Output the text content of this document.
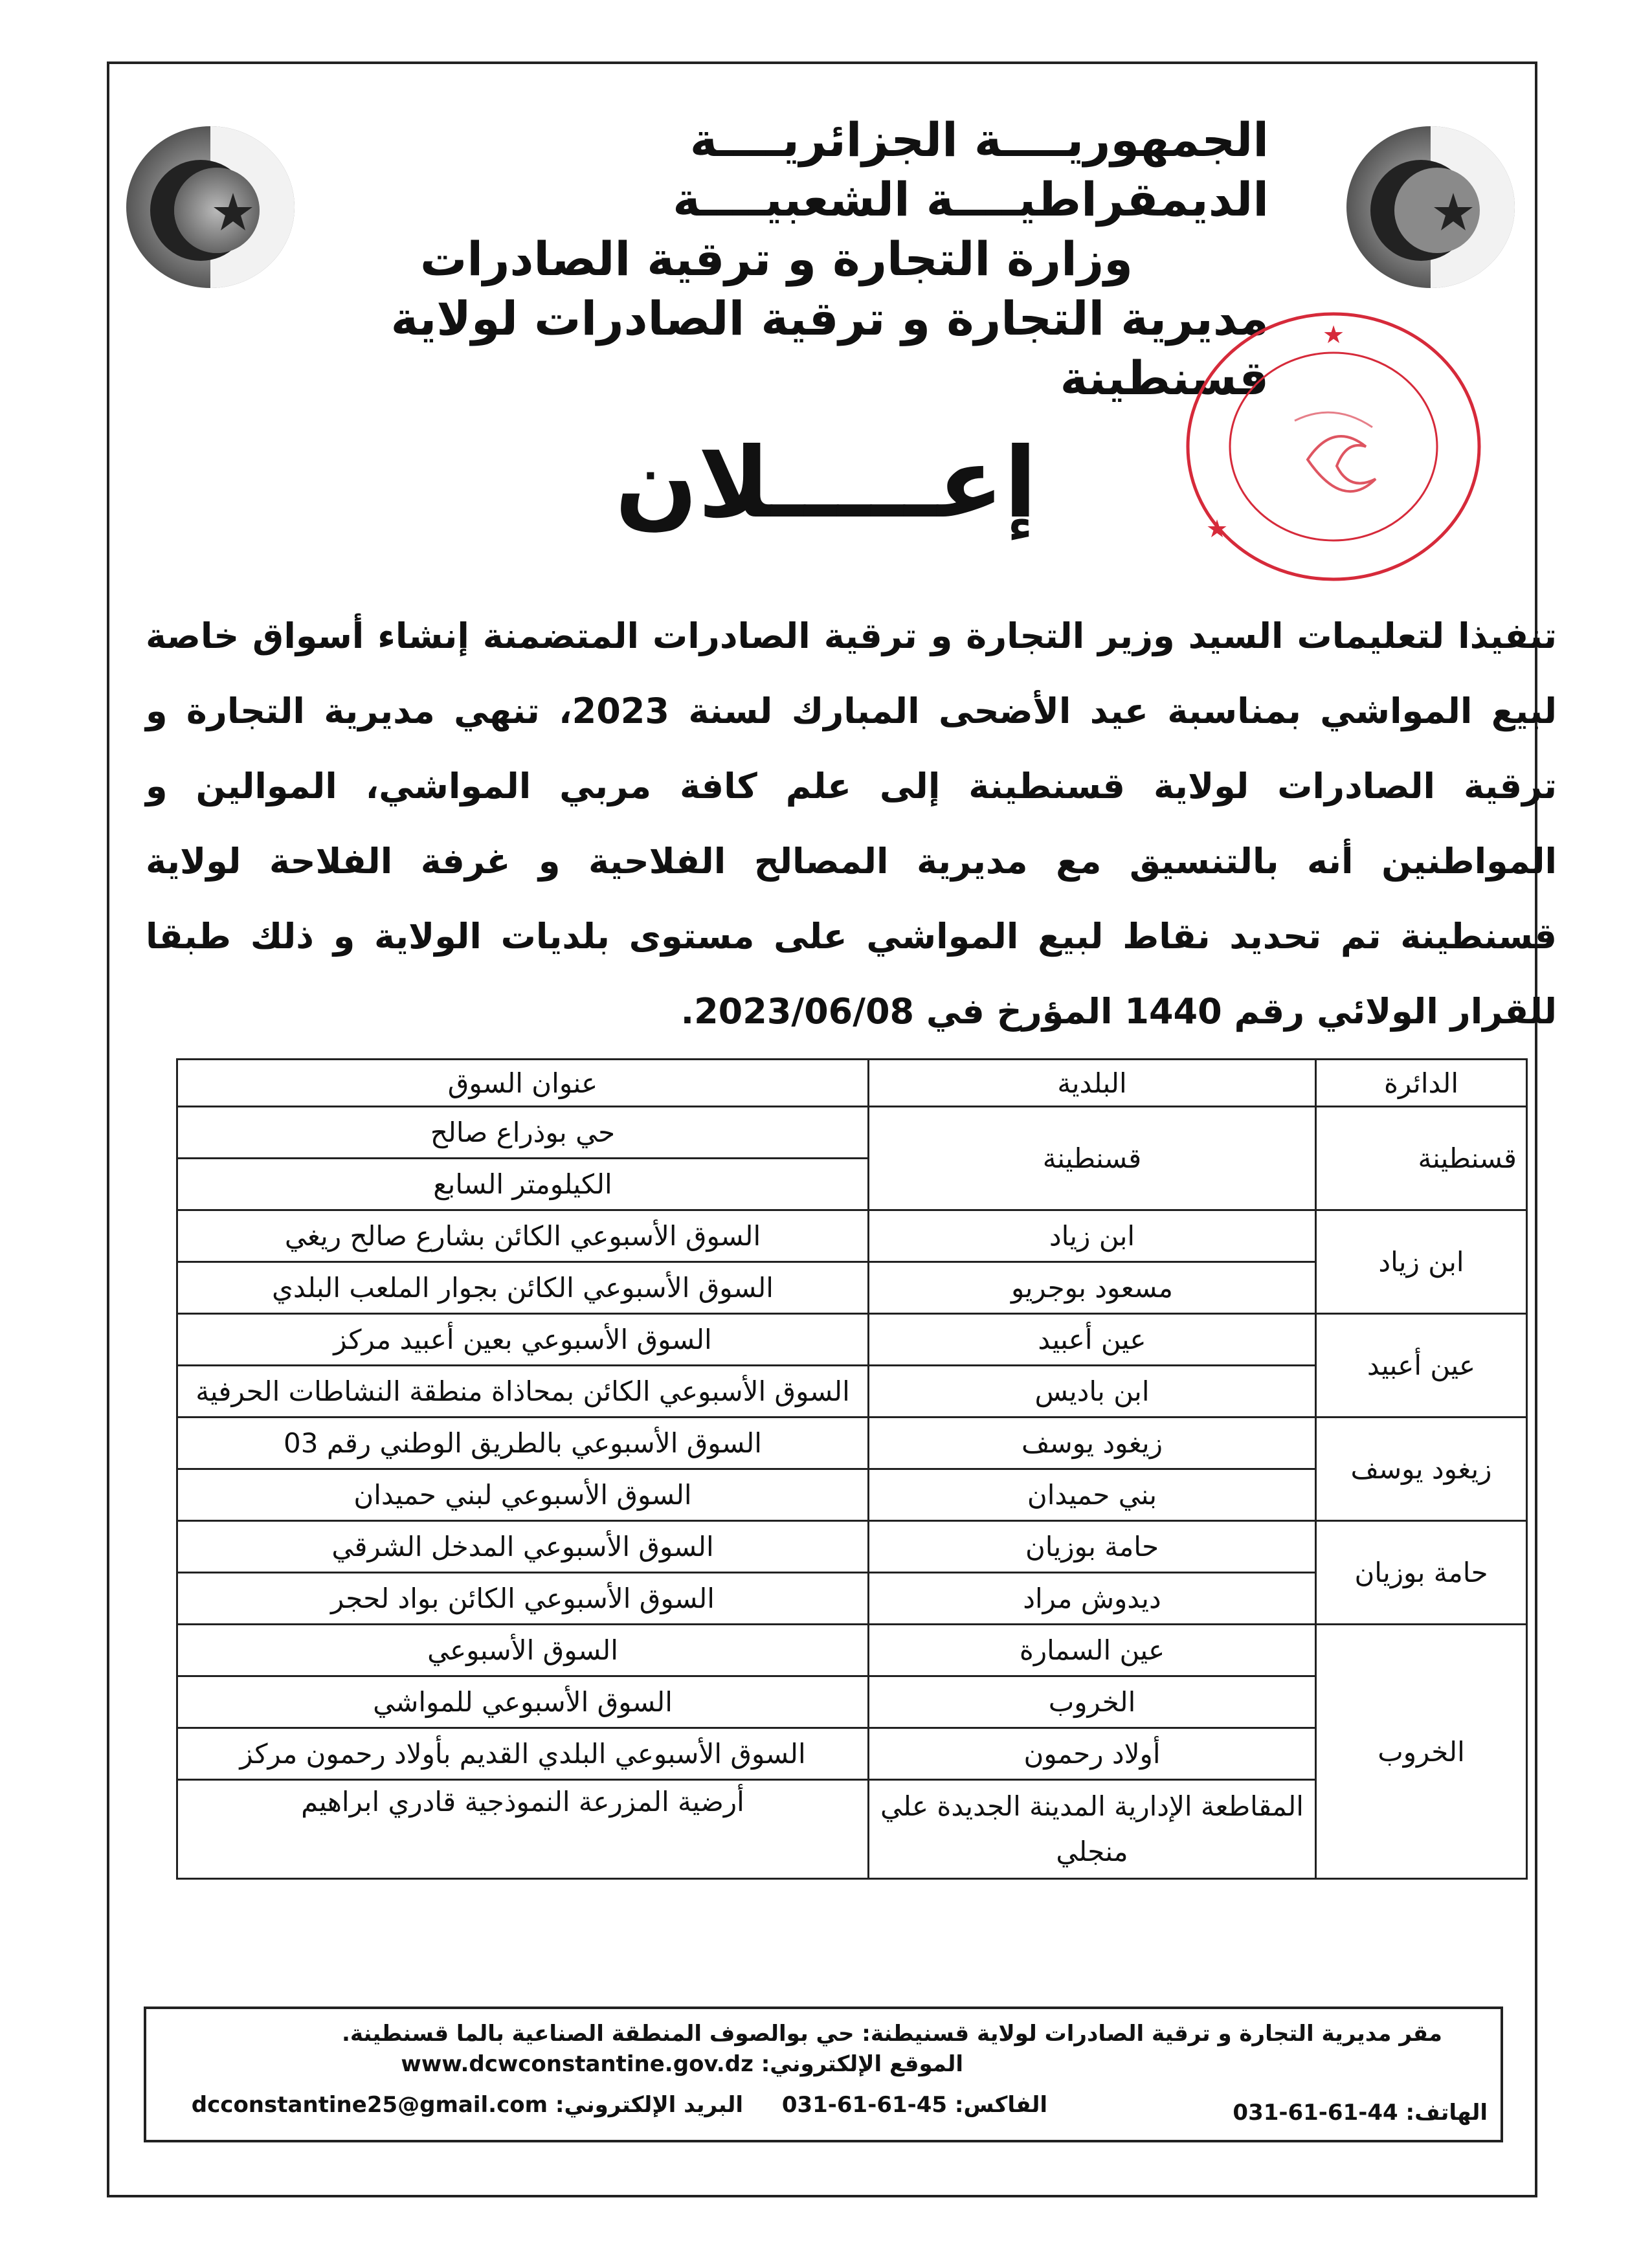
الجمهوريــــة الجزائريــــة الديمقراطيــــة الشعبيــــة
وزارة التجارة و ترقية الصادرات
مديرية التجارة و ترقية الصادرات لولاية قسنطينة
★
★
إعـــــلان
تنفيذا لتعليمات السيد وزير التجارة و ترقية الصادرات المتضمنة إنشاء أسواق خاصة لبيع المواشي بمناسبة عيد الأضحى المبارك لسنة 2023، تنهي مديرية التجارة و ترقية الصادرات لولاية قسنطينة إلى علم كافة مربي المواشي، الموالين و المواطنين أنه بالتنسيق مع مديرية المصالح الفلاحية و غرفة الفلاحة لولاية قسنطينة تم تحديد نقاط لبيع المواشي على مستوى بلديات الولاية و ذلك طبقا للقرار الولائي رقم 1440 المؤرخ في 2023/06/08.
الدائرة	البلدية	عنوان السوق
قسنطينة	قسنطينة	حي بوذراع صالح
		الكيلومتر السابع
ابن زياد	ابن زياد	السوق الأسبوعي الكائن بشارع صالح ريغي
	مسعود بوجريو	السوق الأسبوعي الكائن بجوار الملعب البلدي
عين أعبيد	عين أعبيد	السوق الأسبوعي بعين أعبيد مركز
	ابن باديس	السوق الأسبوعي الكائن بمحاذاة منطقة النشاطات الحرفية
زيغود يوسف	زيغود يوسف	السوق الأسبوعي بالطريق الوطني رقم 03
	بني حميدان	السوق الأسبوعي لبني حميدان
حامة بوزيان	حامة بوزيان	السوق الأسبوعي المدخل الشرقي
	ديدوش مراد	السوق الأسبوعي الكائن بواد لحجر
الخروب	عين السمارة	السوق الأسبوعي
	الخروب	السوق الأسبوعي للمواشي
	أولاد رحمون	السوق الأسبوعي البلدي القديم بأولاد رحمون مركز
	المقاطعة الإدارية المدينة الجديدة علي منجلي	أرضية المزرعة النموذجية قادري ابراهيم
مقر مديرية التجارة و ترقية الصادرات لولاية قسنيطنة: حي بوالصوف المنطقة الصناعية بالما قسنطينة.
الموقع الإلكتروني: www.dcwconstantine.gov.dz
الهاتف: 031-61-61-44
الفاكس: 031-61-61-45
البريد الإلكتروني: dcconstantine25@gmail.com
